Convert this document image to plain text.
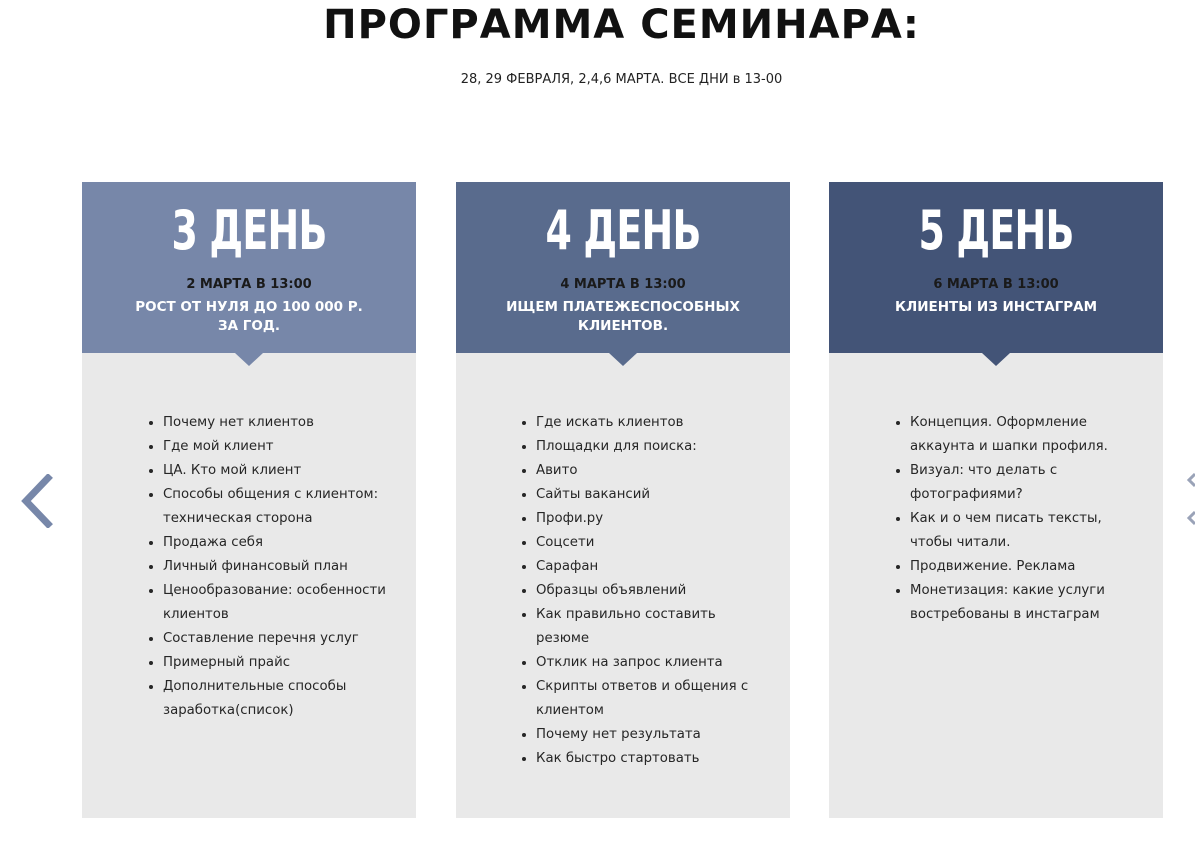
ПРОГРАММА СЕМИНАРА:
28, 29 ФЕВРАЛЯ, 2,4,6 МАРТА. ВСЕ ДНИ в 13-00
3 ДЕНЬ
2 МАРТА В 13:00
РОСТ ОТ НУЛЯ ДО 100 000 Р. ЗА ГОД.
• Почему нет клиентов
• Где мой клиент
• ЦА. Кто мой клиент
• Способы общения с клиентом: техническая сторона
• Продажа себя
• Личный финансовый план
• Ценообразование: особенности клиентов
• Составление перечня услуг
• Примерный прайс
• Дополнительные способы заработка(список)
4 ДЕНЬ
4 МАРТА В 13:00
ИЩЕМ ПЛАТЕЖЕСПОСОБНЫХ КЛИЕНТОВ.
• Где искать клиентов
• Площадки для поиска:
• Авито
• Сайты вакансий
• Профи.ру
• Соцсети
• Сарафан
• Образцы объявлений
• Как правильно составить резюме
• Отклик на запрос клиента
• Скрипты ответов и общения с клиентом
• Почему нет результата
• Как быстро стартовать
5 ДЕНЬ
6 МАРТА В 13:00
КЛИЕНТЫ ИЗ ИНСТАГРАМ
• Концепция. Оформление аккаунта и шапки профиля.
• Визуал: что делать с фотографиями?
• Как и о чем писать тексты, чтобы читали.
• Продвижение. Реклама
• Монетизация: какие услуги востребованы в инстаграм
